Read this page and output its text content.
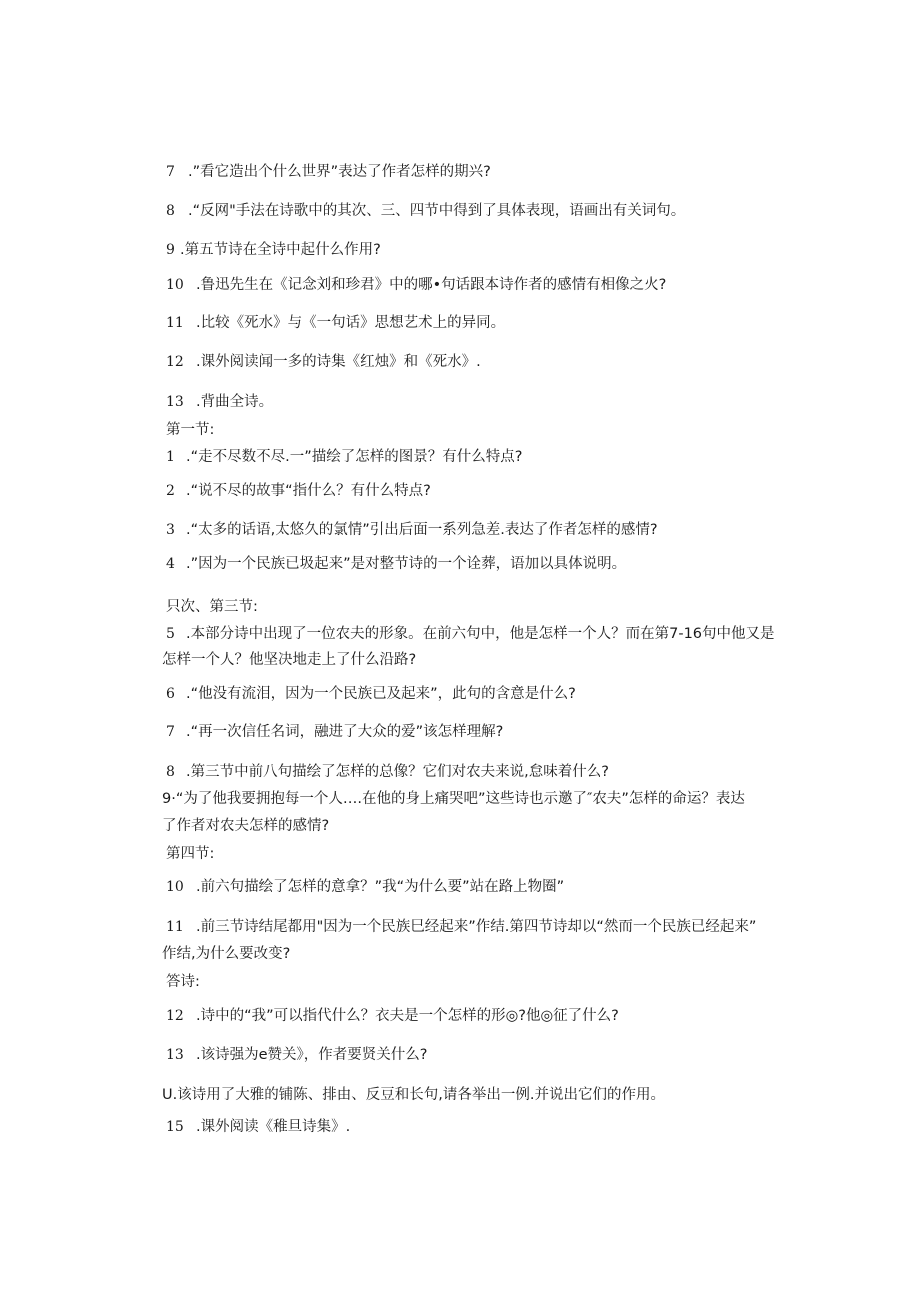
7 .”看它造出个什么世界”表达了作者怎样的期兴?
8 .“反网"手法在诗歌中的其次、三、四节中得到了具体表现，语画出有关词句。
9 .第五节诗在全诗中起什么作用?
10 .鲁迅先生在《记念刘和珍君》中的哪•句话跟本诗作者的感情有相像之火?
11 .比较《死水》与《一句话》思想艺术上的异同。
12 .课外阅读闻一多的诗集《红烛》和《死水》.
13 .背曲全诗。
第一节:
1 .“走不尽数不尽.一”描绘了怎样的图景？有什么特点?
2 .“说不尽的故事“指什么？有什么特点?
3 .“太多的话语,太悠久的氯情”引出后面一系列急差.表达了作者怎样的感情?
4 .”因为一个民族已圾起来”是对整节诗的一个诠葬，语加以具体说明。
只次、第三节:
5 .本部分诗中出现了一位农夫的形象。在前六句中，他是怎样一个人？而在第7-16句中他又是
怎样一个人？他坚决地走上了什么沿路?
6 .“他没有流泪，因为一个民族已及起来”，此句的含意是什么?
7 .“再一次信任名词，融进了大众的爱”该怎样理解?
8 .第三节中前八句描绘了怎样的总像？它们对农夫来说,怠味着什么?
9·“为了他我要拥抱每一个人….在他的身上痛哭吧”这些诗也示邀了″农夫”怎样的命运？表达
了作者对农夫怎样的感情?
第四节:
10 .前六句描绘了怎样的意拿？”我“为什么要”站在路上物圈”
11 .前三节诗结尾都用"因为一个民族巳经起来”作结.第四节诗却以“然而一个民族已经起来”
作结,为什么要改变?
答诗:
12 .诗中的“我”可以指代什么？衣夫是一个怎样的形◎?他◎征了什么?
13 .该诗强为e赞关》，作者要贤关什么?
U.该诗用了大雅的铺陈、排由、反豆和长句,请各举出一例.并说出它们的作用。
15 .课外阅读《稚旦诗集》.
